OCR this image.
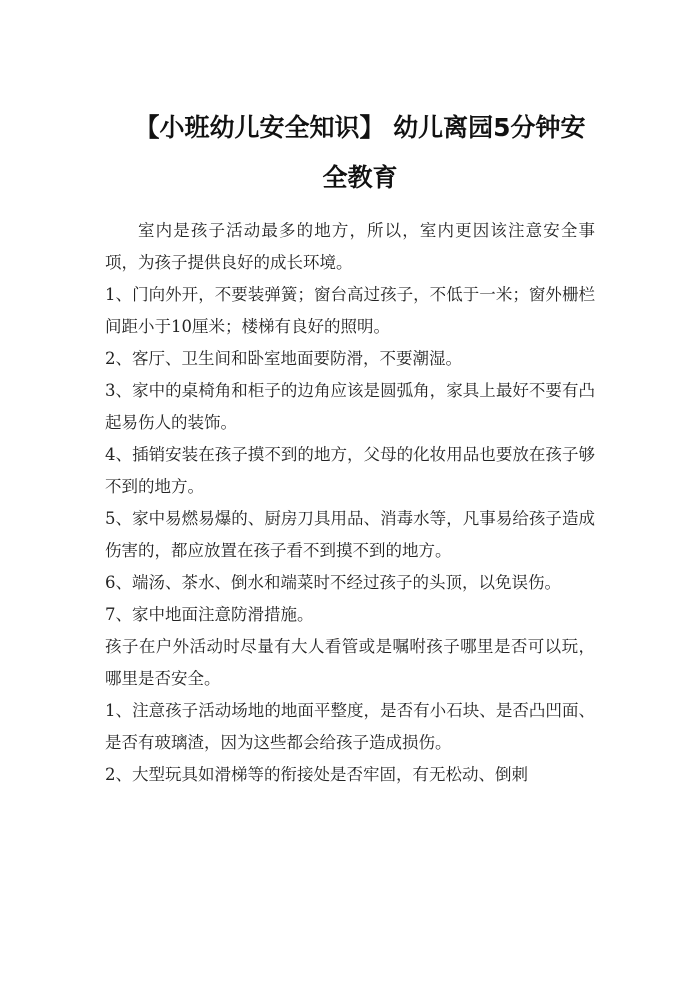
【小班幼儿安全知识】 幼儿离园5分钟安
全教育

室内是孩子活动最多的地方，所以，室内更因该注意安全事项，为孩子提供良好的成长环境。

1、门向外开，不要装弹簧；窗台高过孩子，不低于一米；窗外栅栏间距小于10厘米；楼梯有良好的照明。

2、客厅、卫生间和卧室地面要防滑，不要潮湿。

3、家中的桌椅角和柜子的边角应该是圆弧角，家具上最好不要有凸起易伤人的装饰。

4、插销安装在孩子摸不到的地方，父母的化妆用品也要放在孩子够不到的地方。

5、家中易燃易爆的、厨房刀具用品、消毒水等，凡事易给孩子造成伤害的，都应放置在孩子看不到摸不到的地方。

6、端汤、茶水、倒水和端菜时不经过孩子的头顶，以免误伤。

7、家中地面注意防滑措施。

孩子在户外活动时尽量有大人看管或是嘱咐孩子哪里是否可以玩，哪里是否安全。

1、注意孩子活动场地的地面平整度，是否有小石块、是否凸凹面、是否有玻璃渣，因为这些都会给孩子造成损伤。

2、大型玩具如滑梯等的衔接处是否牢固，有无松动、倒刺
